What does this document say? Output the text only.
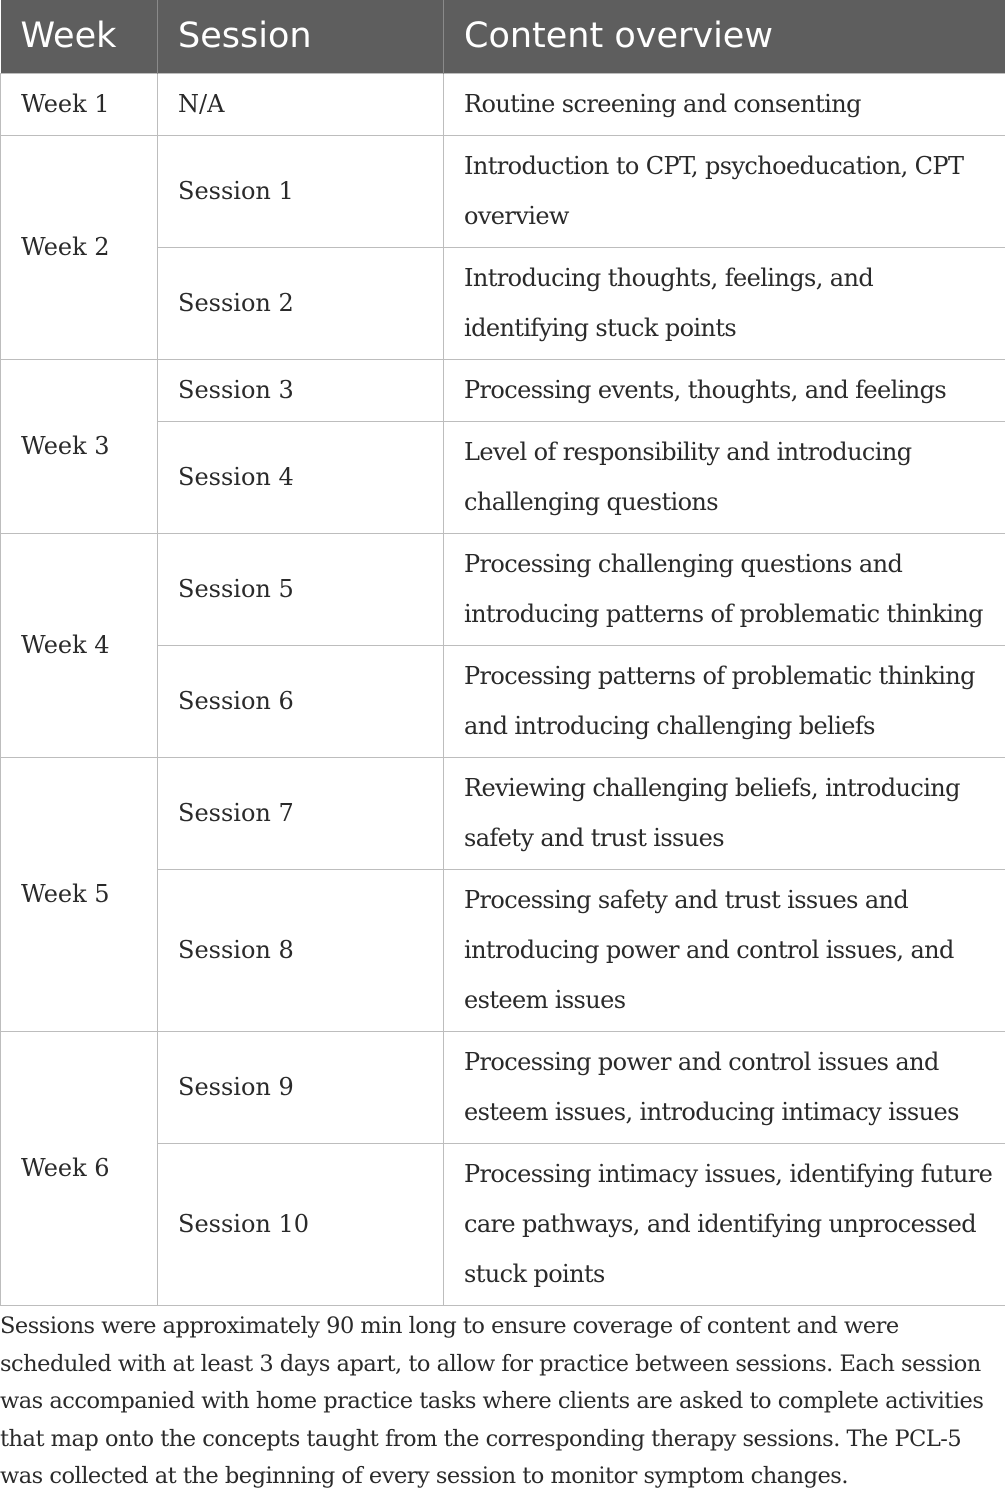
Week	Session	Content overview
Week 1	N/A	Routine screening and consenting
Week 2	Session 1	Introduction to CPT, psychoeducation, CPT overview
	Session 2	Introducing thoughts, feelings, and identifying stuck points
Week 3	Session 3	Processing events, thoughts, and feelings
	Session 4	Level of responsibility and introducing challenging questions
Week 4	Session 5	Processing challenging questions and introducing patterns of problematic thinking
	Session 6	Processing patterns of problematic thinking and introducing challenging beliefs
Week 5	Session 7	Reviewing challenging beliefs, introducing safety and trust issues
	Session 8	Processing safety and trust issues and introducing power and control issues, and esteem issues
Week 6	Session 9	Processing power and control issues and esteem issues, introducing intimacy issues
	Session 10	Processing intimacy issues, identifying future care pathways, and identifying unprocessed stuck points

Sessions were approximately 90 min long to ensure coverage of content and were scheduled with at least 3 days apart, to allow for practice between sessions. Each session was accompanied with home practice tasks where clients are asked to complete activities that map onto the concepts taught from the corresponding therapy sessions. The PCL-5 was collected at the beginning of every session to monitor symptom changes.
